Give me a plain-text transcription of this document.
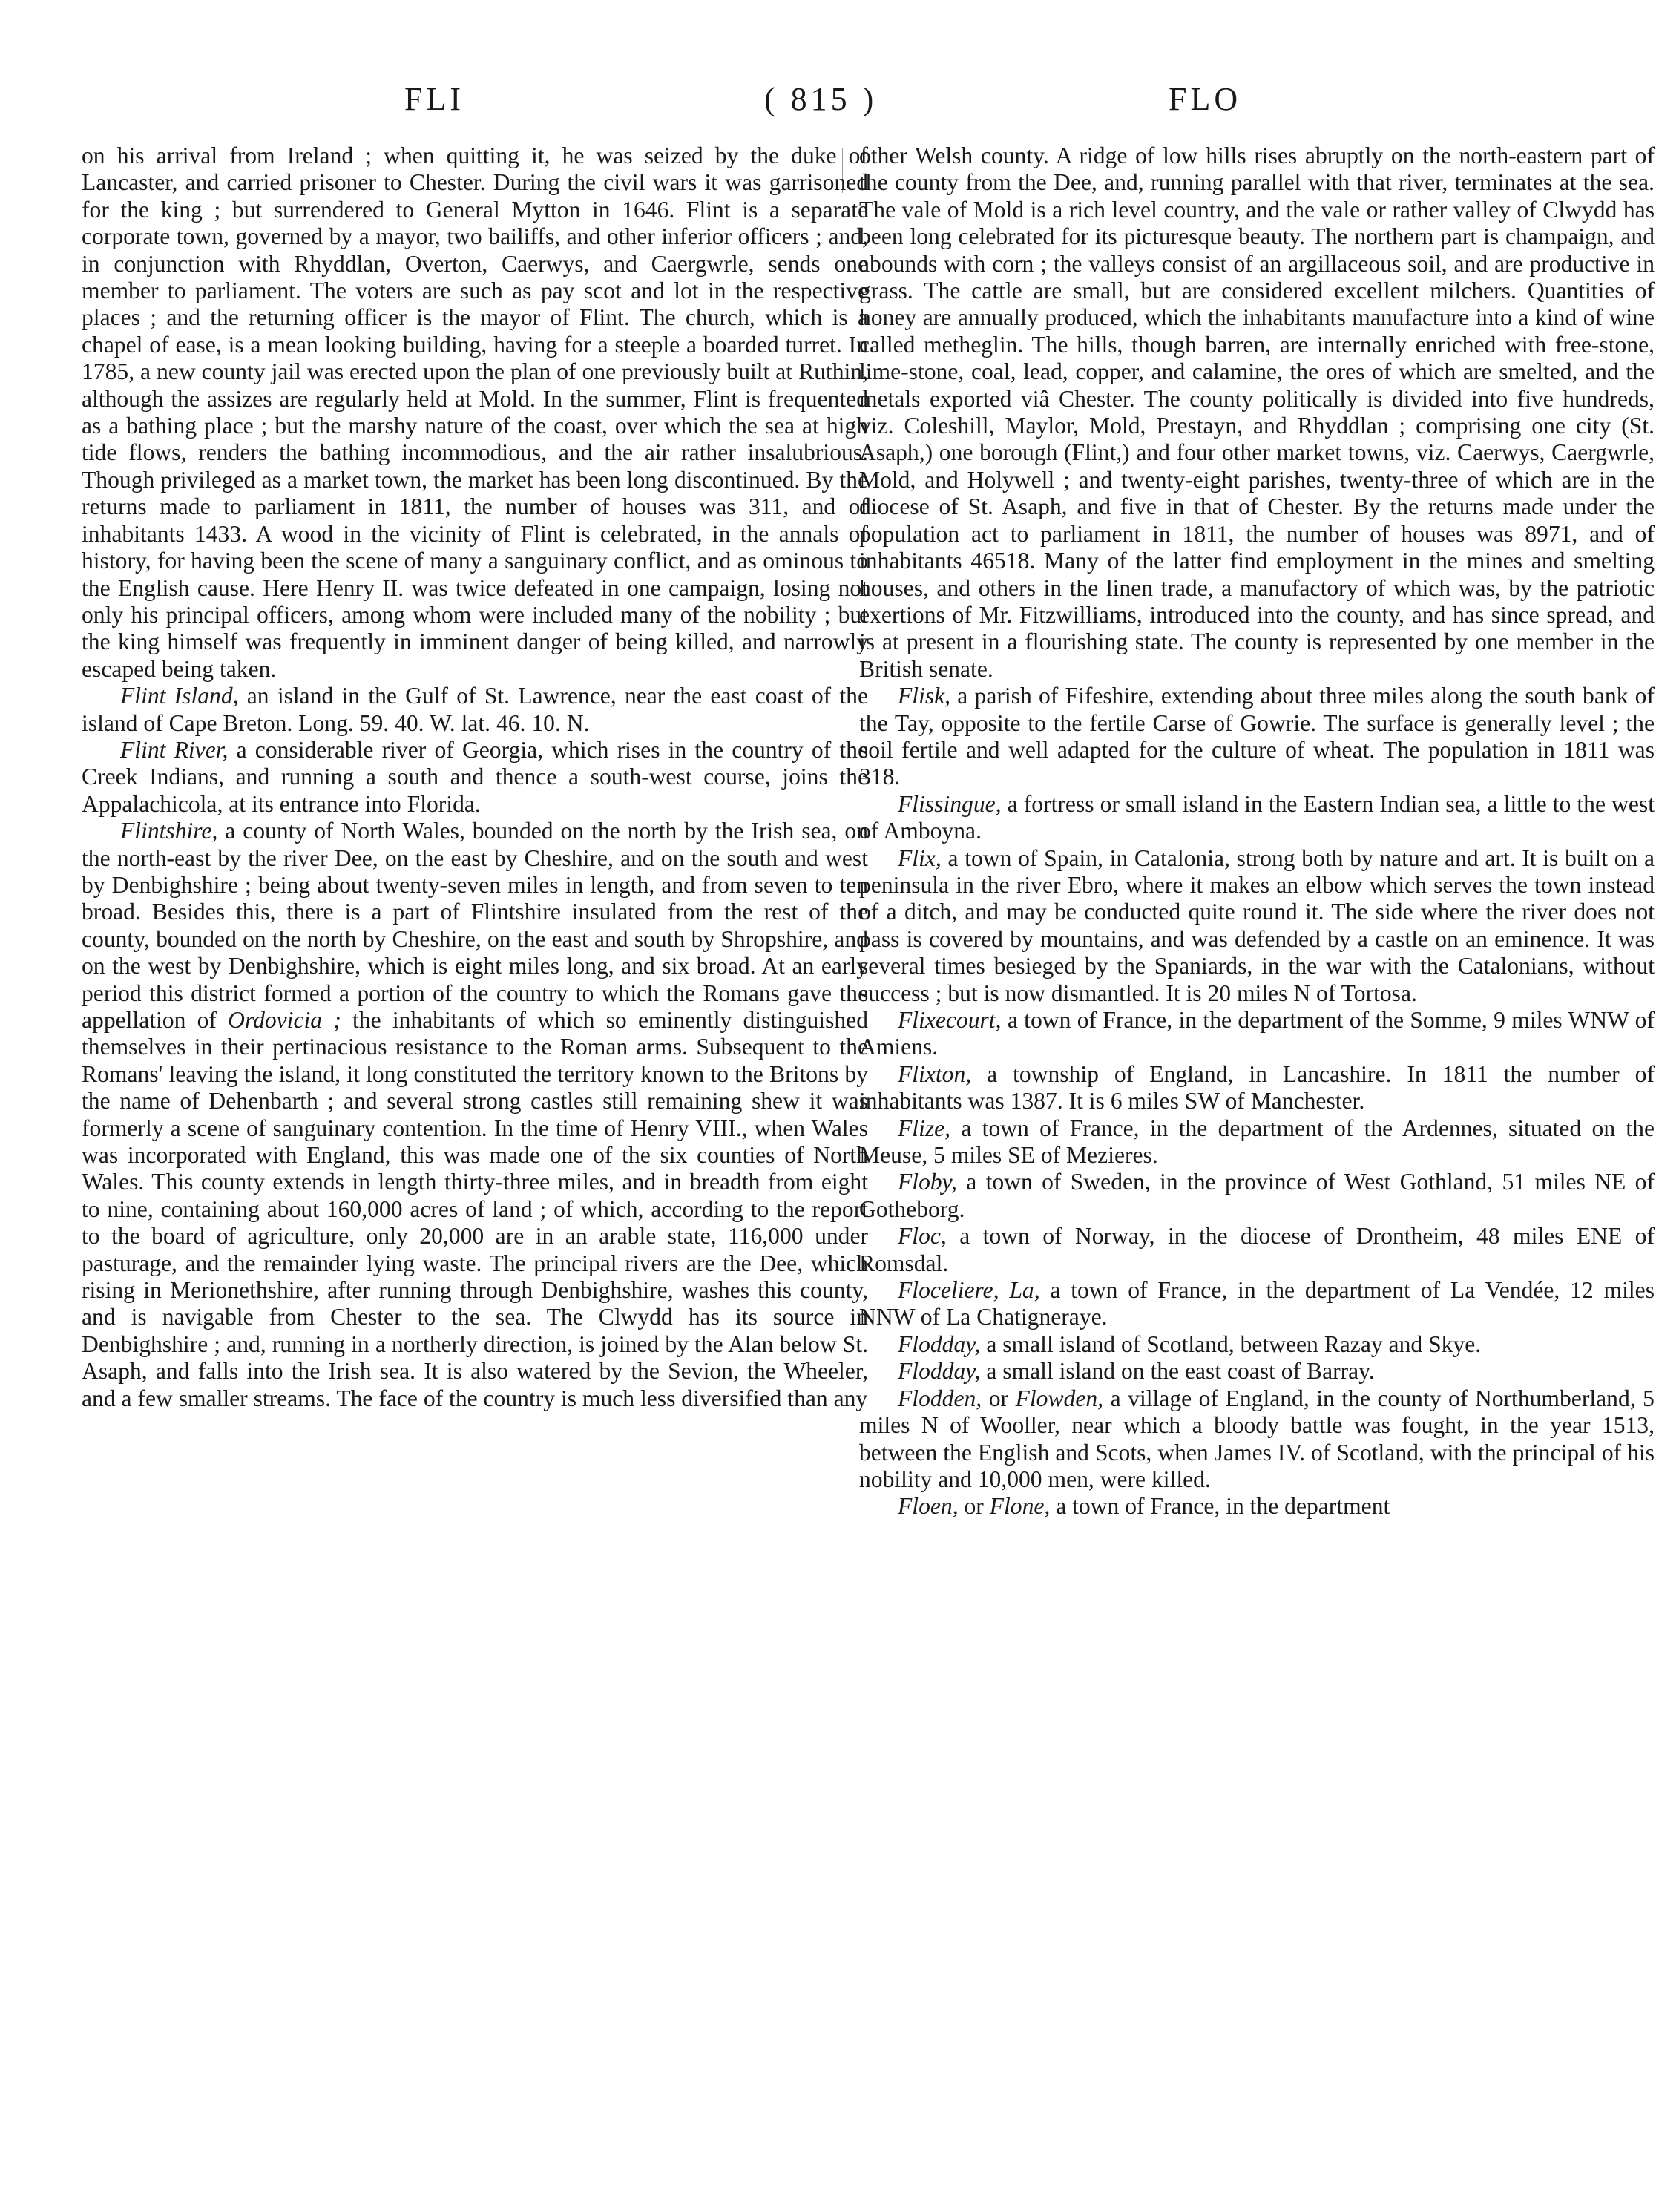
FLI	( 815 )	FLO

on his arrival from Ireland ; when quitting it, he was seized by the duke of Lancaster, and carried prisoner to Chester. During the civil wars it was garrisoned for the king ; but surrendered to General Mytton in 1646. Flint is a separate corporate town, governed by a mayor, two bailiffs, and other inferior officers ; and, in conjunction with Rhyddlan, Overton, Caerwys, and Caergwrle, sends one member to parliament. The voters are such as pay scot and lot in the respective places ; and the returning officer is the mayor of Flint. The church, which is a chapel of ease, is a mean looking building, having for a steeple a boarded turret. In 1785, a new county jail was erected upon the plan of one previously built at Ruthin, although the assizes are regularly held at Mold. In the summer, Flint is frequented as a bathing place ; but the marshy nature of the coast, over which the sea at high tide flows, renders the bathing incommodious, and the air rather insalubrious. Though privileged as a market town, the market has been long discontinued. By the returns made to parliament in 1811, the number of houses was 311, and of inhabitants 1433. A wood in the vicinity of Flint is celebrated, in the annals of history, for having been the scene of many a sanguinary conflict, and as ominous to the English cause. Here Henry II. was twice defeated in one campaign, losing not only his principal officers, among whom were included many of the nobility ; but the king himself was frequently in imminent danger of being killed, and narrowly escaped being taken.

Flint Island, an island in the Gulf of St. Lawrence, near the east coast of the island of Cape Breton. Long. 59. 40. W. lat. 46. 10. N.

Flint River, a considerable river of Georgia, which rises in the country of the Creek Indians, and running a south and thence a south-west course, joins the Appalachicola, at its entrance into Florida.

Flintshire, a county of North Wales, bounded on the north by the Irish sea, on the north-east by the river Dee, on the east by Cheshire, and on the south and west by Denbighshire ; being about twenty-seven miles in length, and from seven to ten broad. Besides this, there is a part of Flintshire insulated from the rest of the county, bounded on the north by Cheshire, on the east and south by Shropshire, and on the west by Denbighshire, which is eight miles long, and six broad. At an early period this district formed a portion of the country to which the Romans gave the appellation of Ordovicia ; the inhabitants of which so eminently distinguished themselves in their pertinacious resistance to the Roman arms. Subsequent to the Romans' leaving the island, it long constituted the territory known to the Britons by the name of Dehenbarth ; and several strong castles still remaining shew it was formerly a scene of sanguinary contention. In the time of Henry VIII., when Wales was incorporated with England, this was made one of the six counties of North Wales. This county extends in length thirty-three miles, and in breadth from eight to nine, containing about 160,000 acres of land ; of which, according to the report to the board of agriculture, only 20,000 are in an arable state, 116,000 under pasturage, and the remainder lying waste. The principal rivers are the Dee, which rising in Merionethshire, after running through Denbighshire, washes this county, and is navigable from Chester to the sea. The Clwydd has its source in Denbighshire ; and, running in a northerly direction, is joined by the Alan below St. Asaph, and falls into the Irish sea. It is also watered by the Sevion, the Wheeler, and a few smaller streams. The face of the country is much less diversified than any

other Welsh county. A ridge of low hills rises abruptly on the north-eastern part of the county from the Dee, and, running parallel with that river, terminates at the sea. The vale of Mold is a rich level country, and the vale or rather valley of Clwydd has been long celebrated for its picturesque beauty. The northern part is champaign, and abounds with corn ; the valleys consist of an argillaceous soil, and are productive in grass. The cattle are small, but are considered excellent milchers. Quantities of honey are annually produced, which the inhabitants manufacture into a kind of wine called metheglin. The hills, though barren, are internally enriched with free-stone, lime-stone, coal, lead, copper, and calamine, the ores of which are smelted, and the metals exported viâ Chester. The county politically is divided into five hundreds, viz. Coleshill, Maylor, Mold, Prestayn, and Rhyddlan ; comprising one city (St. Asaph,) one borough (Flint,) and four other market towns, viz. Caerwys, Caergwrle, Mold, and Holywell ; and twenty-eight parishes, twenty-three of which are in the diocese of St. Asaph, and five in that of Chester. By the returns made under the population act to parliament in 1811, the number of houses was 8971, and of inhabitants 46518. Many of the latter find employment in the mines and smelting houses, and others in the linen trade, a manufactory of which was, by the patriotic exertions of Mr. Fitzwilliams, introduced into the county, and has since spread, and is at present in a flourishing state. The county is represented by one member in the British senate.

Flisk, a parish of Fifeshire, extending about three miles along the south bank of the Tay, opposite to the fertile Carse of Gowrie. The surface is generally level ; the soil fertile and well adapted for the culture of wheat. The population in 1811 was 318.

Flissingue, a fortress or small island in the Eastern Indian sea, a little to the west of Amboyna.

Flix, a town of Spain, in Catalonia, strong both by nature and art. It is built on a peninsula in the river Ebro, where it makes an elbow which serves the town instead of a ditch, and may be conducted quite round it. The side where the river does not pass is covered by mountains, and was defended by a castle on an eminence. It was several times besieged by the Spaniards, in the war with the Catalonians, without success ; but is now dismantled. It is 20 miles N of Tortosa.

Flixecourt, a town of France, in the department of the Somme, 9 miles WNW of Amiens.

Flixton, a township of England, in Lancashire. In 1811 the number of inhabitants was 1387. It is 6 miles SW of Manchester.

Flize, a town of France, in the department of the Ardennes, situated on the Meuse, 5 miles SE of Mezieres.

Floby, a town of Sweden, in the province of West Gothland, 51 miles NE of Gotheborg.

Floc, a town of Norway, in the diocese of Drontheim, 48 miles ENE of Romsdal.

Floceliere, La, a town of France, in the department of La Vendée, 12 miles NNW of La Chatigneraye.

Flodday, a small island of Scotland, between Razay and Skye.

Flodday, a small island on the east coast of Barray.

Flodden, or Flowden, a village of England, in the county of Northumberland, 5 miles N of Wooller, near which a bloody battle was fought, in the year 1513, between the English and Scots, when James IV. of Scotland, with the principal of his nobility and 10,000 men, were killed.

Floen, or Flone, a town of France, in the department
